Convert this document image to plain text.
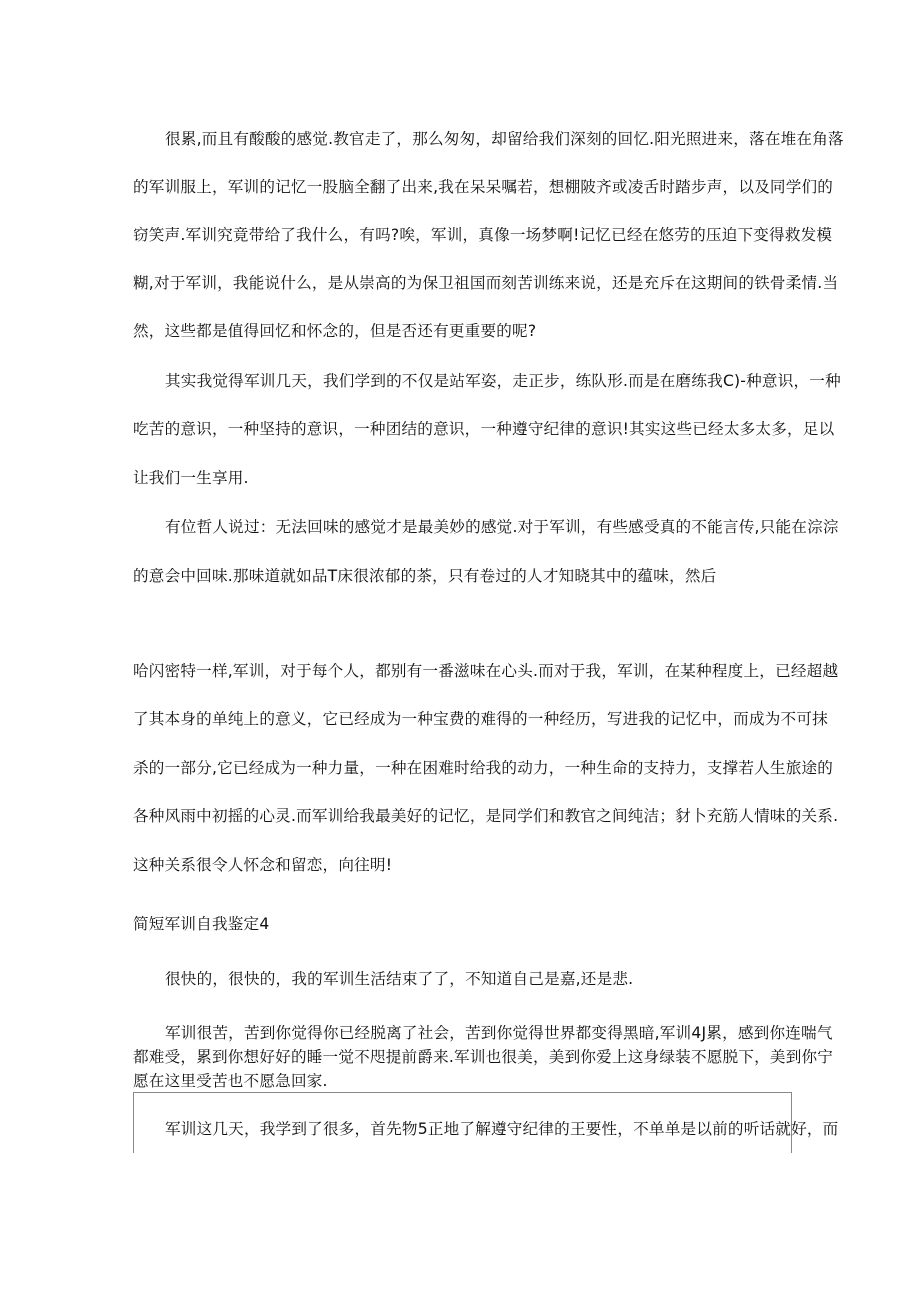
很累,而且有酸酸的感觉.教官走了，那么匆匆，却留给我们深刻的回忆.阳光照进来，落在堆在角落
的军训服上，军训的记忆一股脑全翻了出来,我在呆呆嘱若，想棚陂齐或凌舌时踏步声，以及同学们的
窃笑声.军训究竟带给了我什么，有吗?唉，军训，真像一场梦啊!记忆已经在悠劳的压迫下变得救发模
糊,对于军训，我能说什么，是从崇高的为保卫祖国而刻苦训练来说，还是充斥在这期间的铁骨柔情.当
然，这些都是值得回忆和怀念的，但是否还有更重要的呢?
其实我觉得军训几天，我们学到的不仅是站军姿，走正步，练队形.而是在磨练我C)-种意识，一种
吃苦的意识，一种坚持的意识，一种团结的意识，一种遵守纪律的意识!其实这些已经太多太多，足以
让我们一生享用.
有位哲人说过：无法回味的感觉才是最美妙的感觉.对于军训，有些感受真的不能言传,只能在淙淙
的意会中回味.那味道就如品T床很浓郁的茶，只有卷过的人才知晓其中的蕴味，然后
哈闪密特一样,军训，对于每个人，都别有一番滋味在心头.而对于我，军训，在某种程度上，已经超越
了其本身的单纯上的意义，它已经成为一种宝费的难得的一种经历，写进我的记忆中，而成为不可抹
杀的一部分,它已经成为一种力量，一种在困难时给我的动力，一种生命的支持力，支撑若人生旅途的
各种风雨中初摇的心灵.而军训给我最美好的记忆，是同学们和教官之间纯洁；豺卜充筋人情味的关系.
这种关系很令人怀念和留恋，向往明!
简短军训自我鉴定4
很快的，很快的，我的军训生活结束了了，不知道自己是嘉,还是悲.
军训很苦，苦到你觉得你已经脱离了社会，苦到你觉得世界都变得黑暗,军训4J累，感到你连喘气
都难受，累到你想好好的睡一觉不咫提前爵来.军训也很美，美到你爱上这身绿装不愿脱下，美到你宁
愿在这里受苦也不愿急回家.
军训这几天，我学到了很多，首先物5正地了解遵守纪律的王要性，不单单是以前的听话就好，而
